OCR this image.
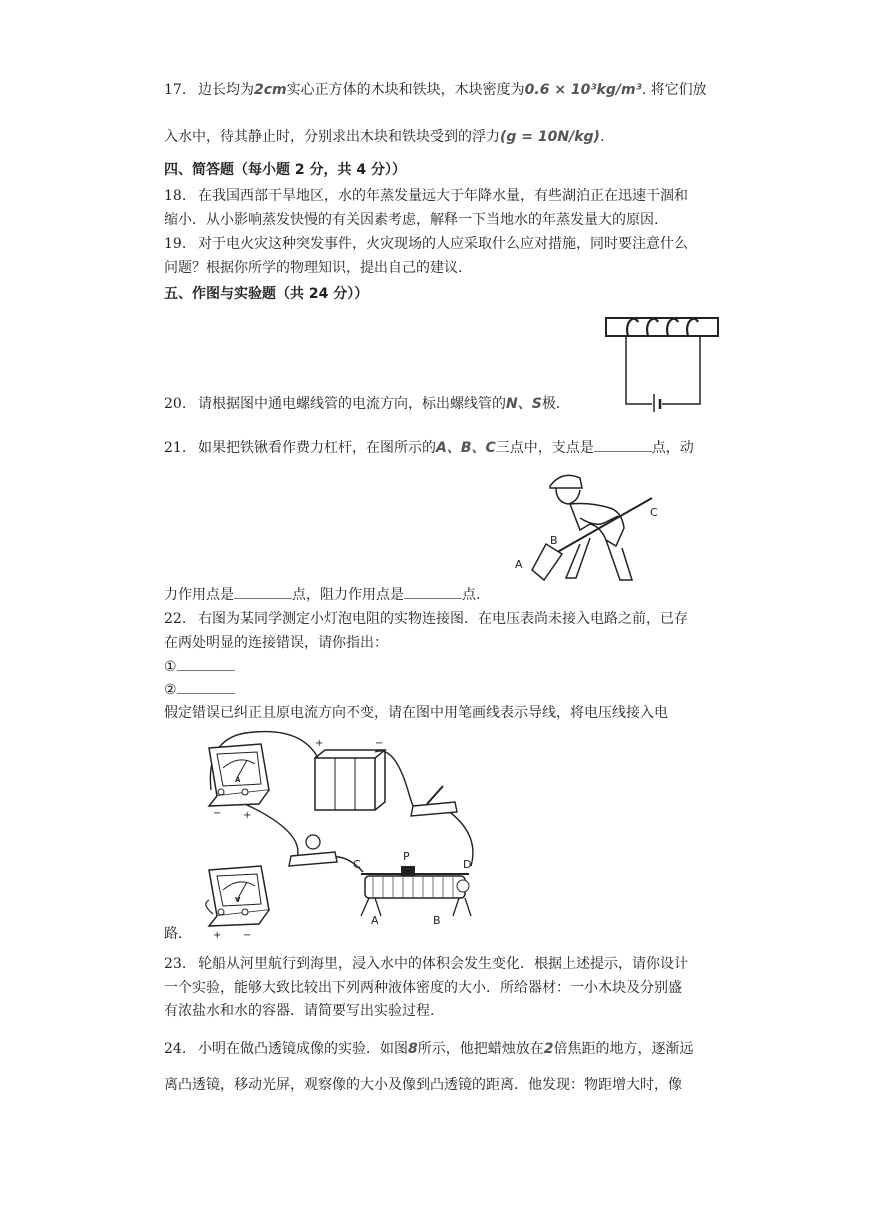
17. 边长均为2cm实心正方体的木块和铁块，木块密度为0.6 × 10³kg/m³. 将它们放
入水中，待其静止时，分别求出木块和铁块受到的浮力(g = 10N/kg).
四、简答题（每小题 2 分，共 4 分））
18. 在我国西部干旱地区，水的年蒸发量远大于年降水量，有些湖泊正在迅速干涸和
缩小．从小影响蒸发快慢的有关因素考虑，解释一下当地水的年蒸发量大的原因.
19. 对于电火灾这种突发事件，火灾现场的人应采取什么应对措施，同时要注意什么
问题？根据你所学的物理知识，提出自己的建议.
五、作图与实验题（共 24 分））
20. 请根据图中通电螺线管的电流方向，标出螺线管的N、S极.
21. 如果把铁锹看作费力杠杆，在图所示的A、B、C三点中，支点是	点，动
C
B
A
力作用点是	点，阻力作用点是	点.
22. 右图为某同学测定小灯泡电阻的实物连接图．在电压表尚未接入电路之前，已存
在两处明显的连接错误，请你指出：
①
②
假定错误已纠正且原电流方向不变，请在图中用笔画线表示导线，将电压线接入电
A
− +
+	−
C
P
D
A	B
V
+ −
路.
23. 轮船从河里航行到海里，浸入水中的体积会发生变化．根据上述提示，请你设计
一个实验，能够大致比较出下列两种液体密度的大小．所给器材：一小木块及分别盛
有浓盐水和水的容器．请简要写出实验过程.
24. 小明在做凸透镜成像的实验．如图8所示，他把蜡烛放在2倍焦距的地方，逐渐远
离凸透镜，移动光屏，观察像的大小及像到凸透镜的距离．他发现：物距增大时，像
